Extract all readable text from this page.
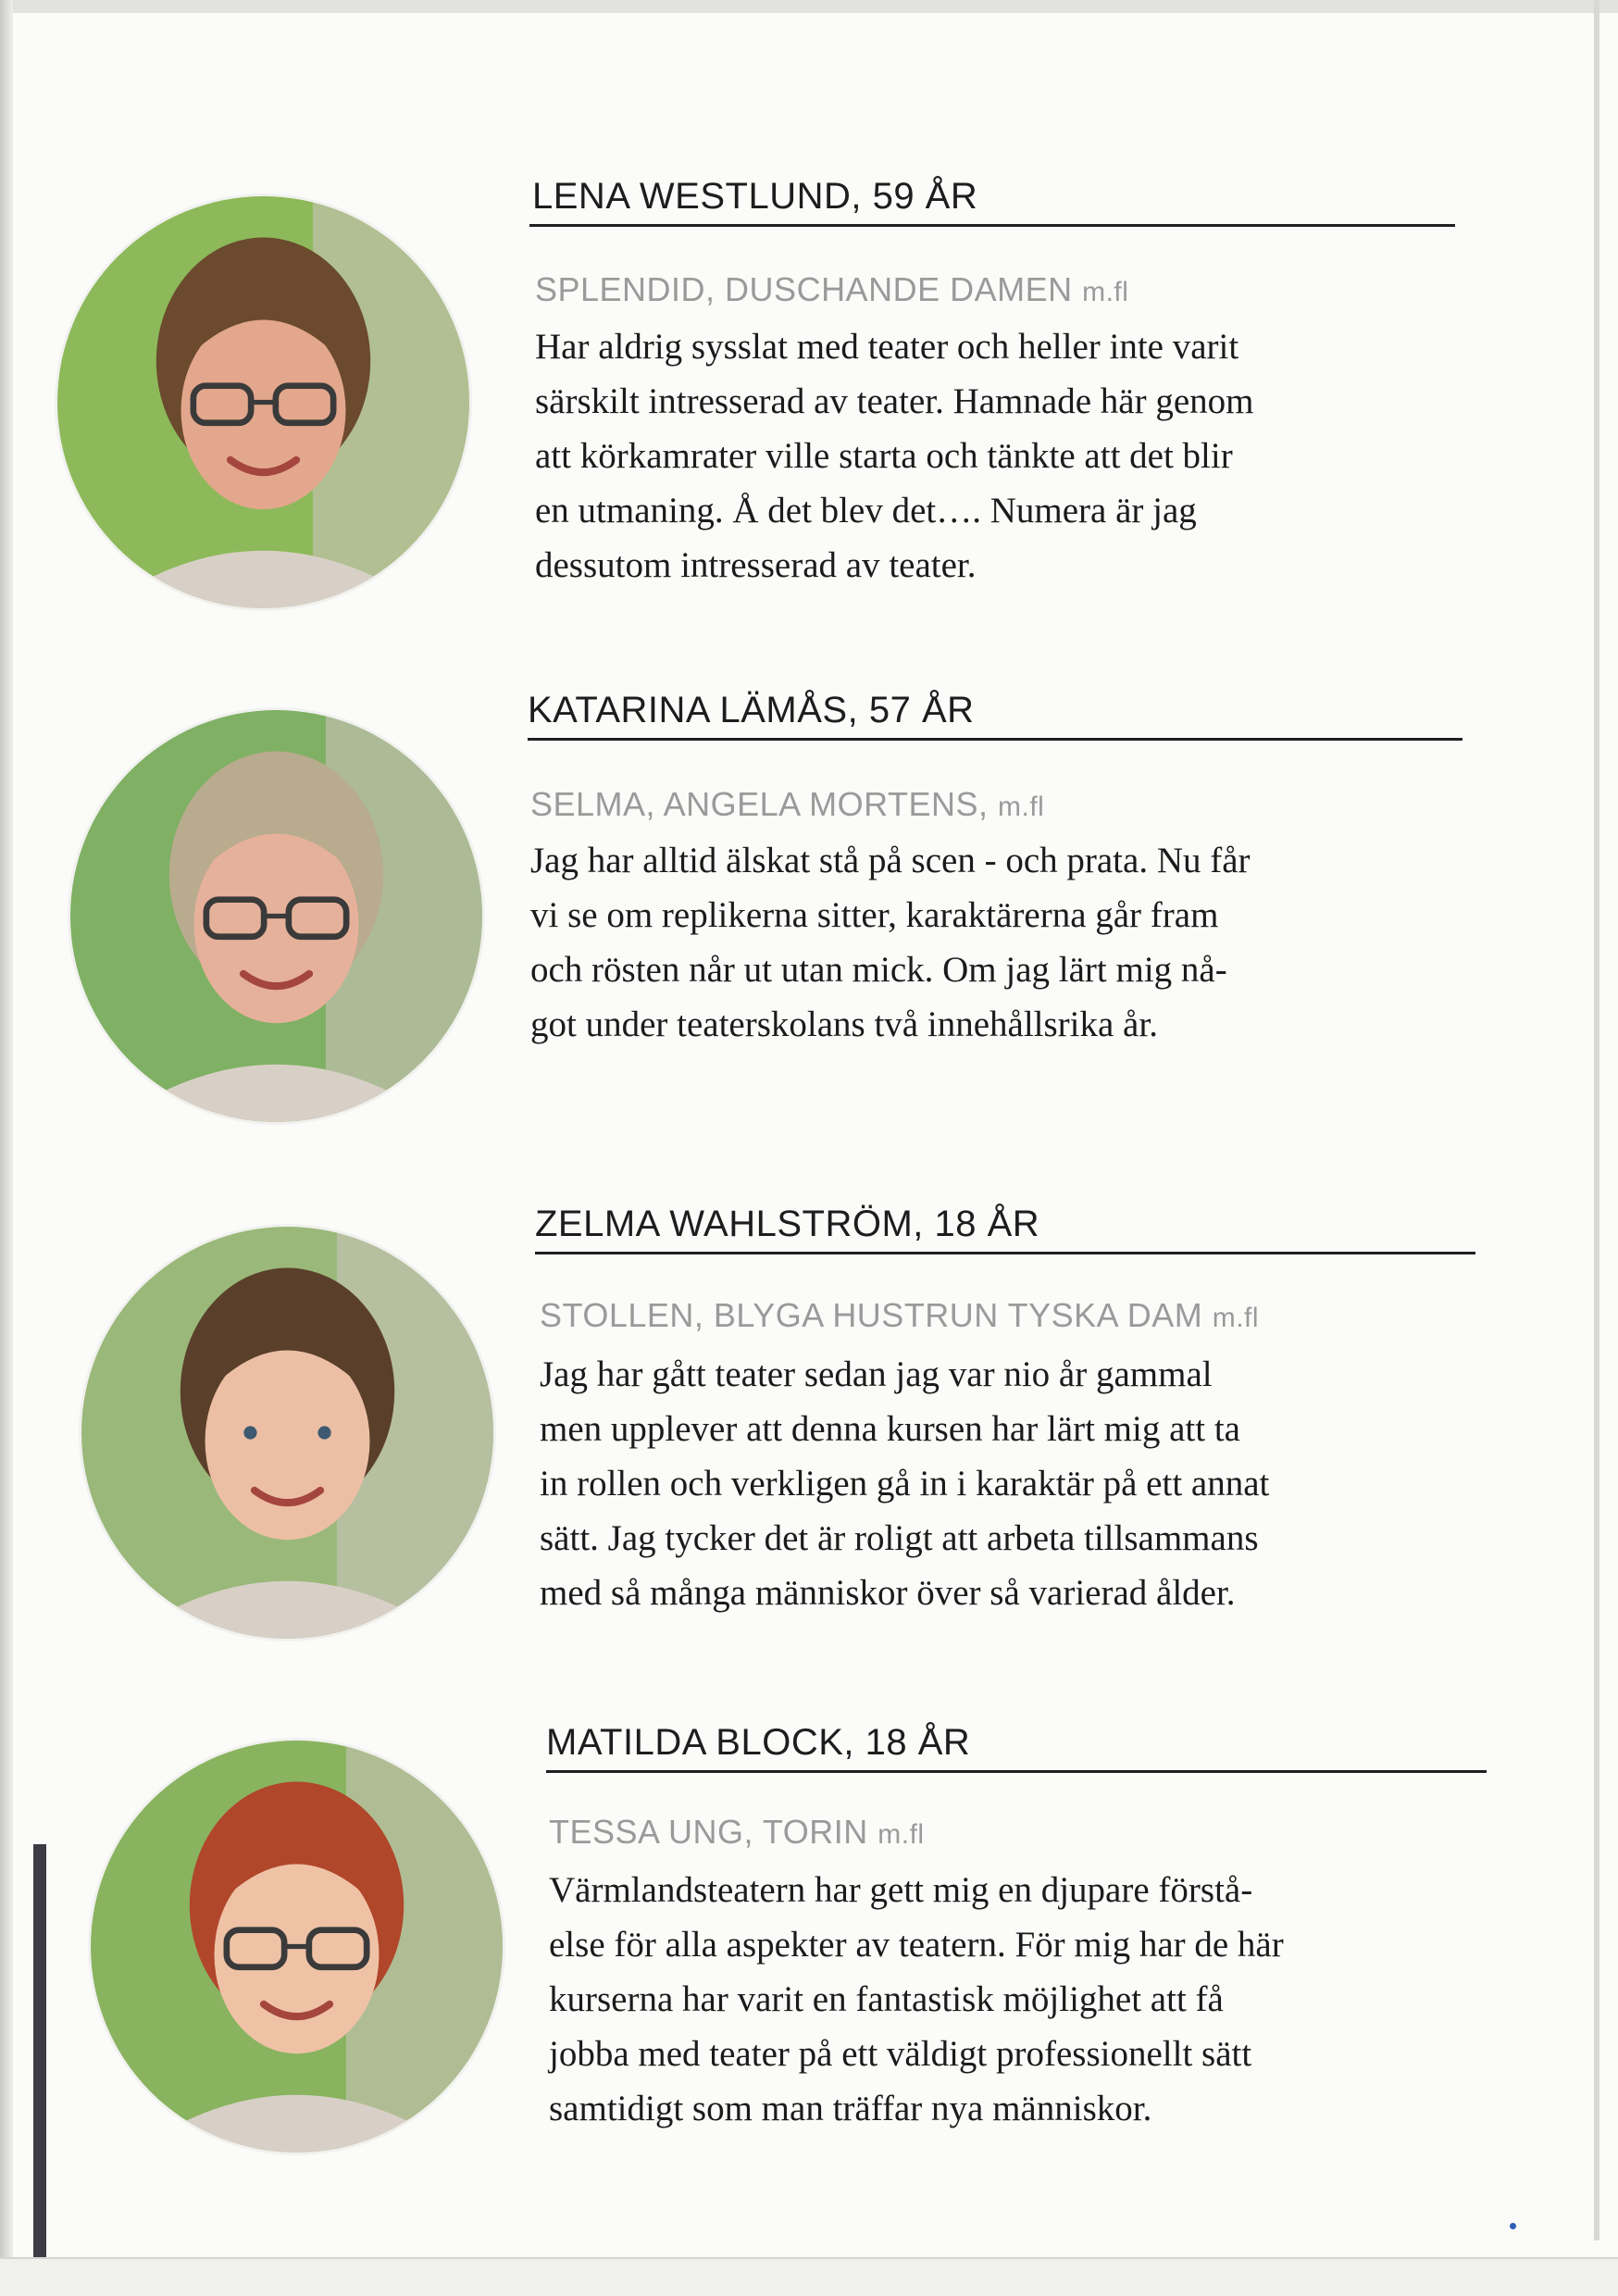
LENA WESTLUND, 59 ÅR
SPLENDID, DUSCHANDE DAMEN m.fl
Har aldrig sysslat med teater och heller inte varit
särskilt intresserad av teater. Hamnade här genom
att körkamrater ville starta och tänkte att det blir
en utmaning. Å det blev det…. Numera är jag
dessutom intresserad av teater.
KATARINA LÄMÅS, 57 ÅR
SELMA, ANGELA MORTENS, m.fl
Jag har alltid älskat stå på scen - och prata. Nu får
vi se om replikerna sitter, karaktärerna går fram
och rösten når ut utan mick. Om jag lärt mig nå-
got under teaterskolans två innehållsrika år.
ZELMA WAHLSTRÖM, 18 ÅR
STOLLEN, BLYGA HUSTRUN TYSKA DAM m.fl
Jag har gått teater sedan jag var nio år gammal
men upplever att denna kursen har lärt mig att ta
in rollen och verkligen gå in i karaktär på ett annat
sätt. Jag tycker det är roligt att arbeta tillsammans
med så många människor över så varierad ålder.
MATILDA BLOCK, 18 ÅR
TESSA UNG, TORIN m.fl
Värmlandsteatern har gett mig en djupare förstå-
else för alla aspekter av teatern. För mig har de här
kurserna har varit en fantastisk möjlighet att få
jobba med teater på ett väldigt professionellt sätt
samtidigt som man träffar nya människor.
